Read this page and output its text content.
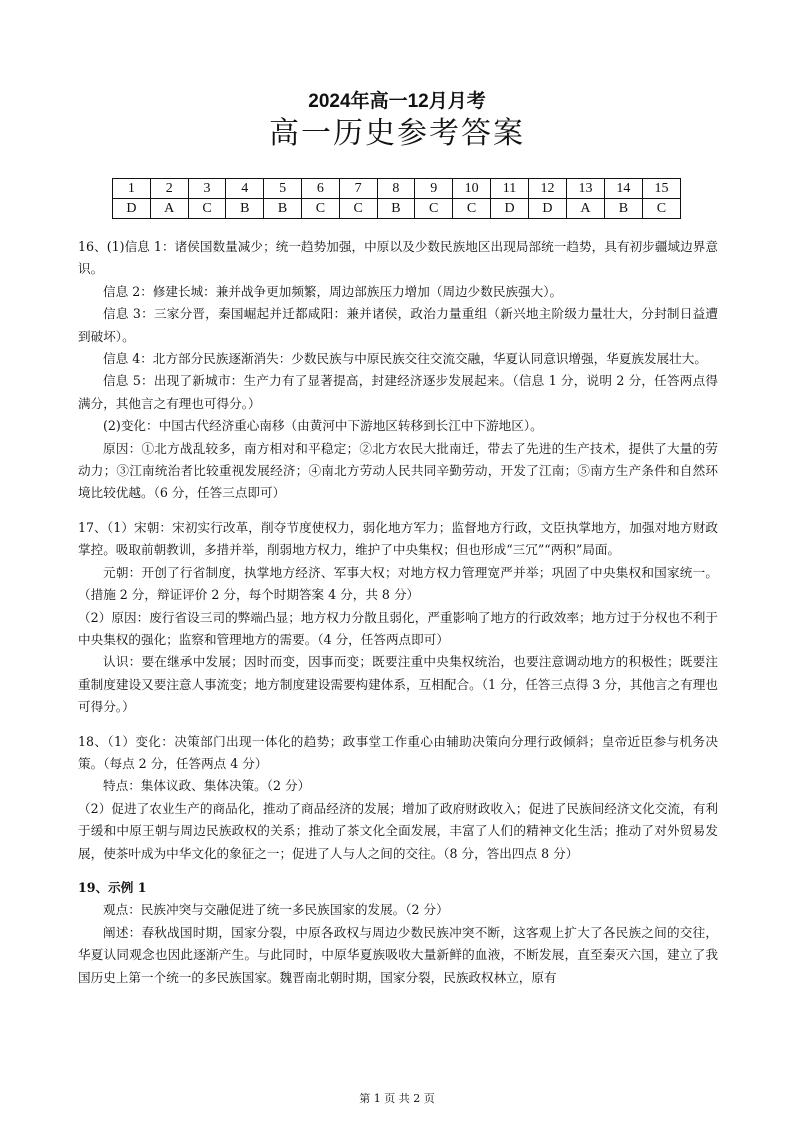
2024年高一12月月考
高一历史参考答案
1	2	3	4	5	6	7	8	9	10	11	12	13	14	15
D	A	C	B	B	C	C	B	C	C	D	D	A	B	C

16、(1)信息 1：诸侯国数量减少；统一趋势加强，中原以及少数民族地区出现局部统一趋势，具有初步疆域边界意识。

信息 2：修建长城：兼并战争更加频繁，周边部族压力增加（周边少数民族强大）。

信息 3：三家分晋，秦国崛起并迁都咸阳：兼并诸侯，政治力量重组（新兴地主阶级力量壮大，分封制日益遭到破坏）。

信息 4：北方部分民族逐渐消失：少数民族与中原民族交往交流交融，华夏认同意识增强，华夏族发展壮大。

信息 5：出现了新城市：生产力有了显著提高，封建经济逐步发展起来。（信息 1 分，说明 2 分，任答两点得满分，其他言之有理也可得分。）

(2)变化：中国古代经济重心南移（由黄河中下游地区转移到长江中下游地区）。

原因：①北方战乱较多，南方相对和平稳定；②北方农民大批南迁，带去了先进的生产技术，提供了大量的劳动力；③江南统治者比较重视发展经济；④南北方劳动人民共同辛勤劳动，开发了江南；⑤南方生产条件和自然环境比较优越。（6 分，任答三点即可）

17、（1）宋朝：宋初实行改革，削夺节度使权力，弱化地方军力；监督地方行政，文臣执掌地方，加强对地方财政掌控。吸取前朝教训，多措并举，削弱地方权力，维护了中央集权；但也形成“三冗”“两积”局面。

元朝：开创了行省制度，执掌地方经济、军事大权；对地方权力管理宽严并举；巩固了中央集权和国家统一。（措施 2 分，辩证评价 2 分，每个时期答案 4 分，共 8 分）

（2）原因：废行省设三司的弊端凸显；地方权力分散且弱化，严重影响了地方的行政效率；地方过于分权也不利于中央集权的强化；监察和管理地方的需要。（4 分，任答两点即可）

认识：要在继承中发展；因时而变，因事而变；既要注重中央集权统治，也要注意调动地方的积极性；既要注重制度建设又要注意人事流变；地方制度建设需要构建体系，互相配合。（1 分，任答三点得 3 分，其他言之有理也可得分。）

18、（1）变化：决策部门出现一体化的趋势；政事堂工作重心由辅助决策向分理行政倾斜；皇帝近臣参与机务决策。（每点 2 分，任答两点 4 分）

特点：集体议政、集体决策。（2 分）

（2）促进了农业生产的商品化，推动了商品经济的发展；增加了政府财政收入；促进了民族间经济文化交流，有利于缓和中原王朝与周边民族政权的关系；推动了茶文化全面发展，丰富了人们的精神文化生活；推动了对外贸易发展，使茶叶成为中华文化的象征之一；促进了人与人之间的交往。（8 分，答出四点 8 分）

19、示例 1

观点：民族冲突与交融促进了统一多民族国家的发展。（2 分）

阐述：春秋战国时期，国家分裂，中原各政权与周边少数民族冲突不断，这客观上扩大了各民族之间的交往，华夏认同观念也因此逐渐产生。与此同时，中原华夏族吸收大量新鲜的血液，不断发展，直至秦灭六国，建立了我国历史上第一个统一的多民族国家。魏晋南北朝时期，国家分裂，民族政权林立，原有

第 1 页 共 2 页
